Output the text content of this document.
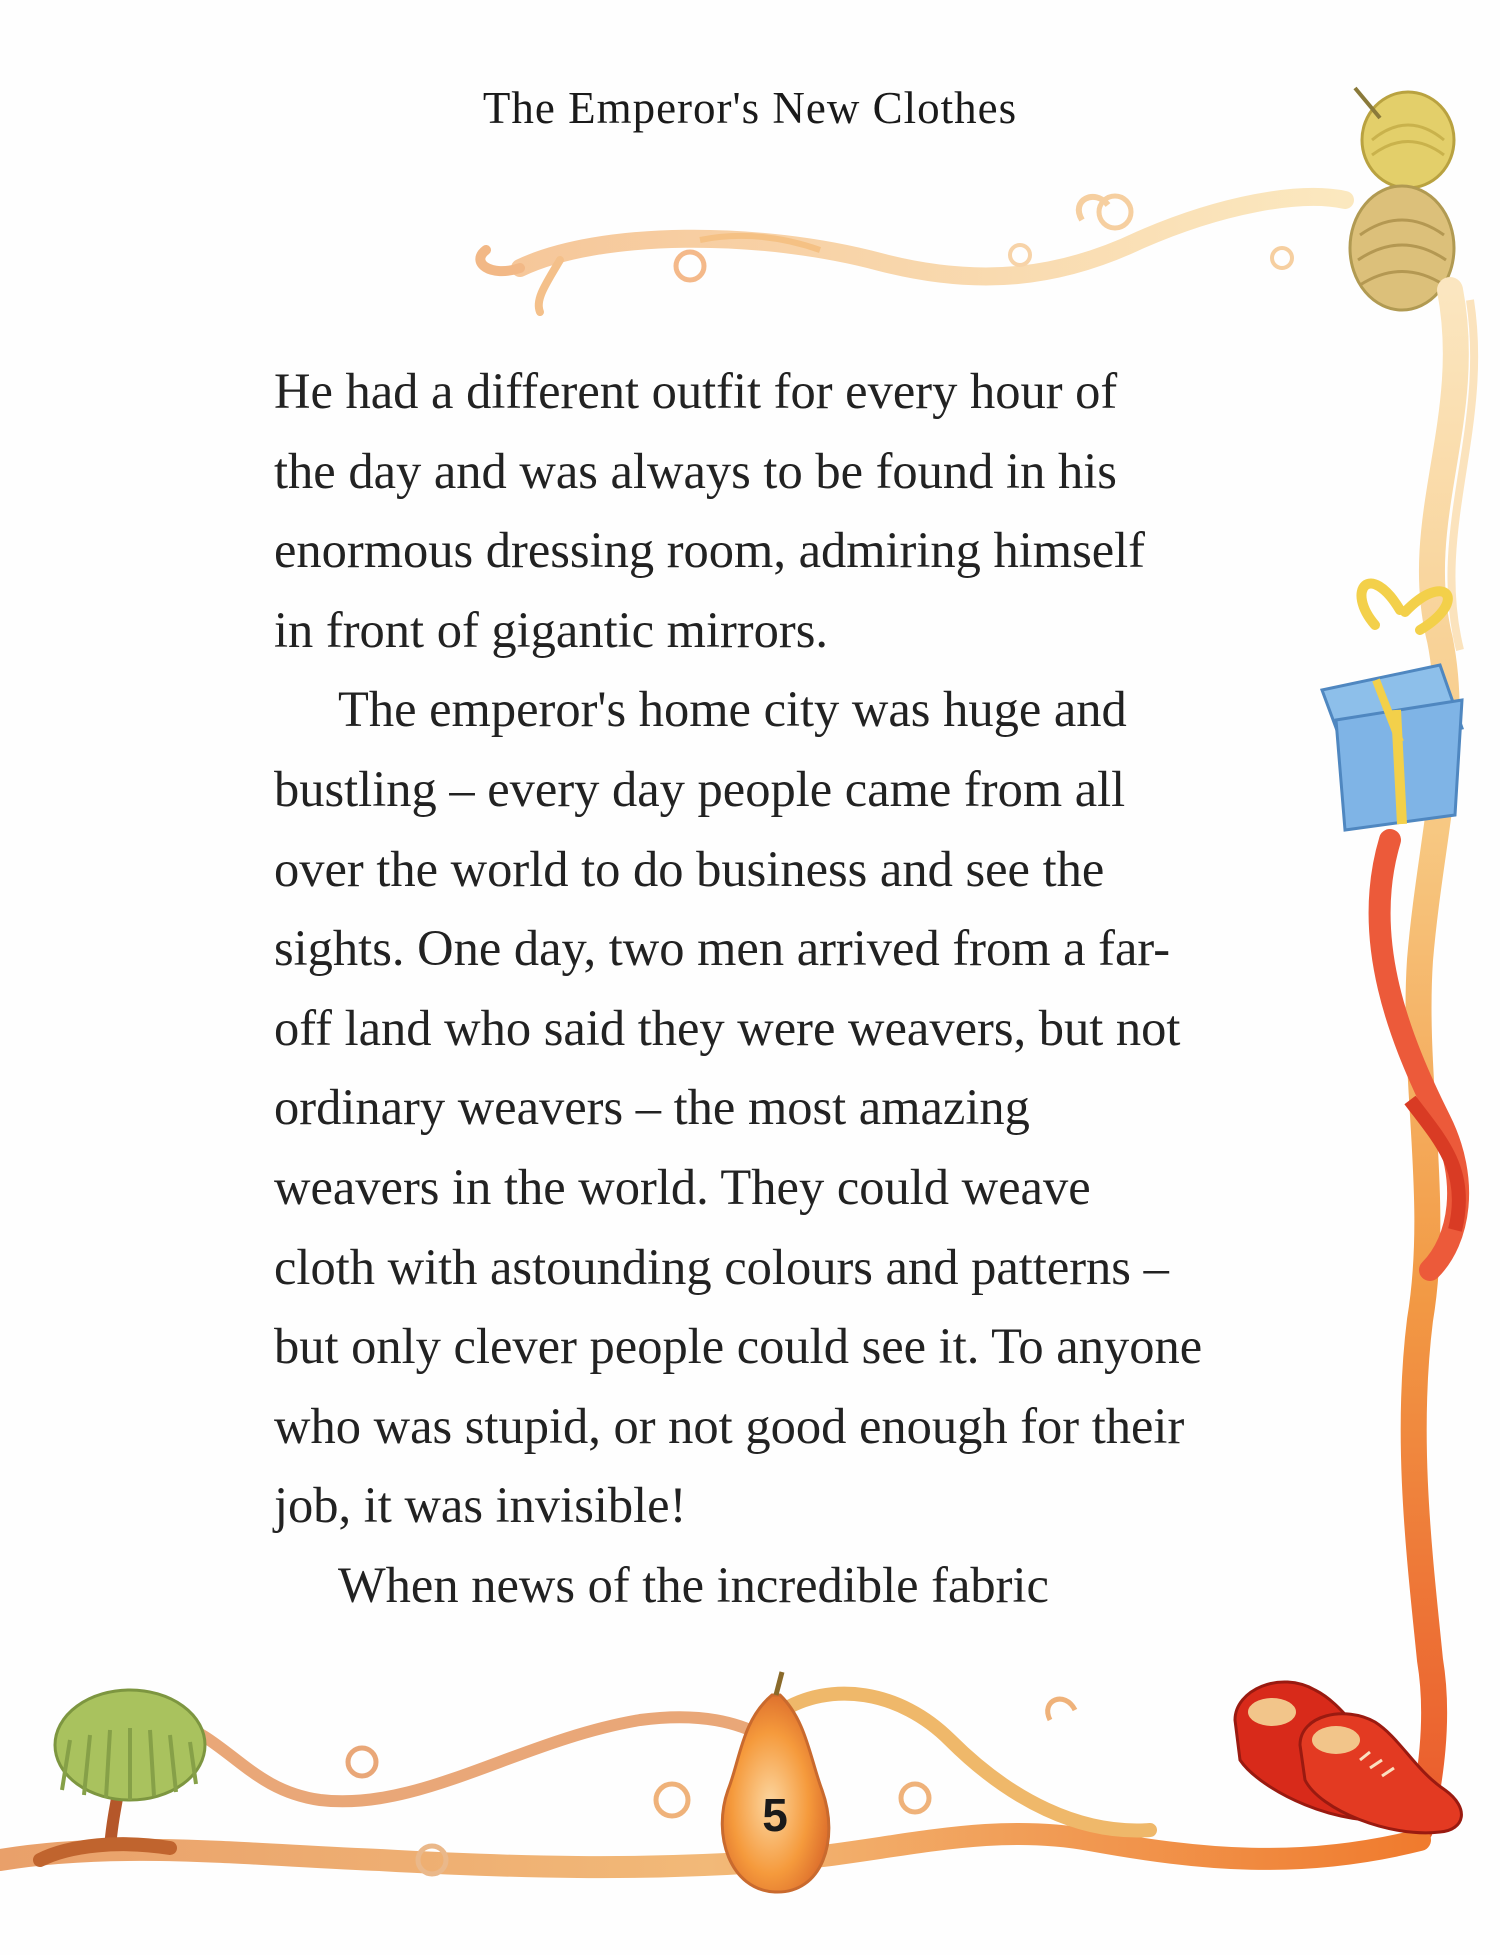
The Emperor's New Clothes
He had a different outfit for every hour of
the day and was always to be found in his
enormous dressing room, admiring himself
in front of gigantic mirrors.
The emperor's home city was huge and
bustling – every day people came from all
over the world to do business and see the
sights. One day, two men arrived from a far-
off land who said they were weavers, but not
ordinary weavers – the most amazing
weavers in the world. They could weave
cloth with astounding colours and patterns –
but only clever people could see it. To anyone
who was stupid, or not good enough for their
job, it was invisible!
When news of the incredible fabric
5
